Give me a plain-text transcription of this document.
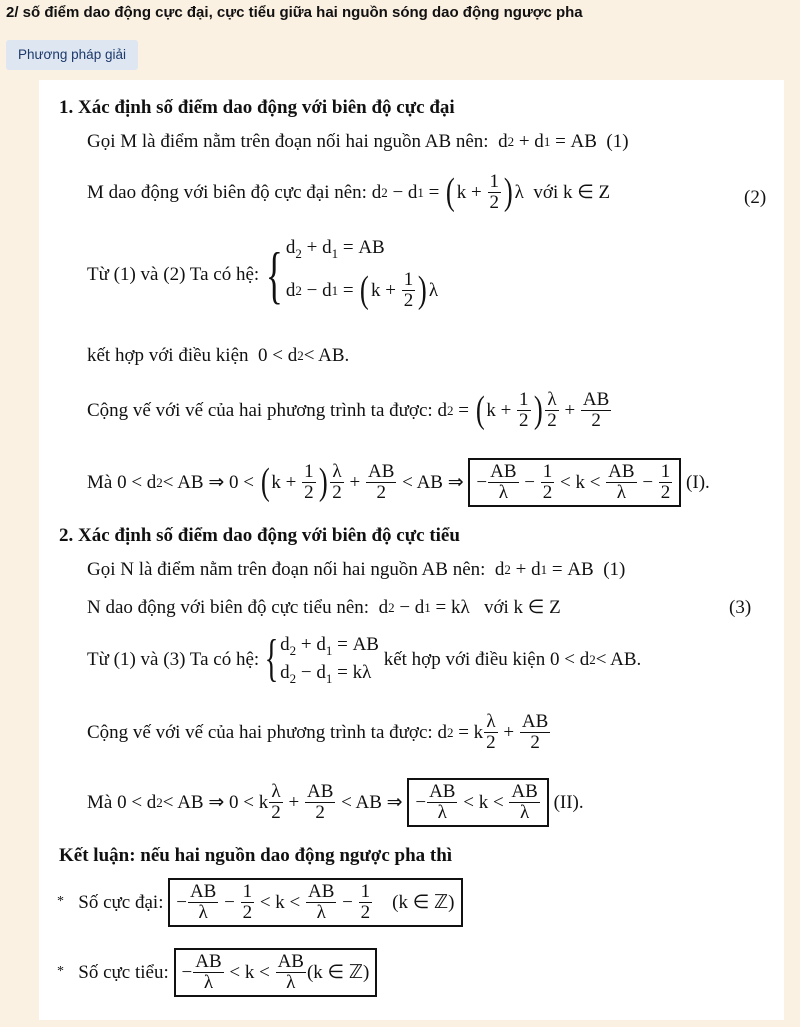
2/ số điểm dao động cực đại, cực tiểu giữa hai nguồn sóng dao động ngược pha
Phương pháp giải
1. Xác định số điểm dao động với biên độ cực đại
Gọi M là điểm nằm trên đoạn nối hai nguồn AB nên:  d 2 + d 1 = AB  (1)
M dao động với biên độ cực đại nên: d 2 − d 1 = ( $k + \frac{1}{2}$ ) λ với k ∈ Z	(2)
Từ (1) và (2) Ta có hệ: { $d_2 + d_1$ = AB
d 2 − d 1 = ( $k + \frac{1}{2}$ ) λ
kết hợp với điều kiện  0 < d 2 < AB.
Cộng vế với vế của hai phương trình ta được: d 2 = ( $k + \frac{1}{2}$ ) $\frac{\lambda}{2} + \frac{AB}{2}$
Mà 0 < d 2 < AB ⇒ 0 < ( $k + \frac{1}{2}$ ) $\frac{\lambda}{2} + \frac{AB}{2}$ < AB ⇒ − $\frac{AB}{\lambda} - \frac{1}{2} < k < \frac{AB}{\lambda} - \frac{1}{2}$
(I).
2. Xác định số điểm dao động với biên độ cực tiểu
Gọi N là điểm nằm trên đoạn nối hai nguồn AB nên:  d 2 + d 1 = AB  (1)
N dao động với biên độ cực tiểu nên:  d 2 − d 1 = kλ   với k ∈ Z	(3)
Từ (1) và (3) Ta có hệ: { $d_2 + d_1$ = AB
$d_2 - d_1 = k\lambda$

kết hợp với điều kiện 0 < d 2 < AB.
Cộng vế với vế của hai phương trình ta được: d 2 = k $\frac{\lambda}{2} + \frac{AB}{2}$
Mà 0 < d 2 < AB ⇒ 0 < k $\frac{\lambda}{2} + \frac{AB}{2}$ < AB ⇒ − $\frac{AB}{\lambda} < k < \frac{AB}{\lambda}$
(II).
Kết luận: nếu hai nguồn dao động ngược pha thì
*
Số cực đại:
− $\frac{AB}{\lambda} - \frac{1}{2} < k < \frac{AB}{\lambda} - \frac{1}{2} (k$ ∈ ℤ)
*
Số cực tiểu:
− $\frac{AB}{\lambda} < k < \frac{AB}{\lambda} (k$ ∈ ℤ)
